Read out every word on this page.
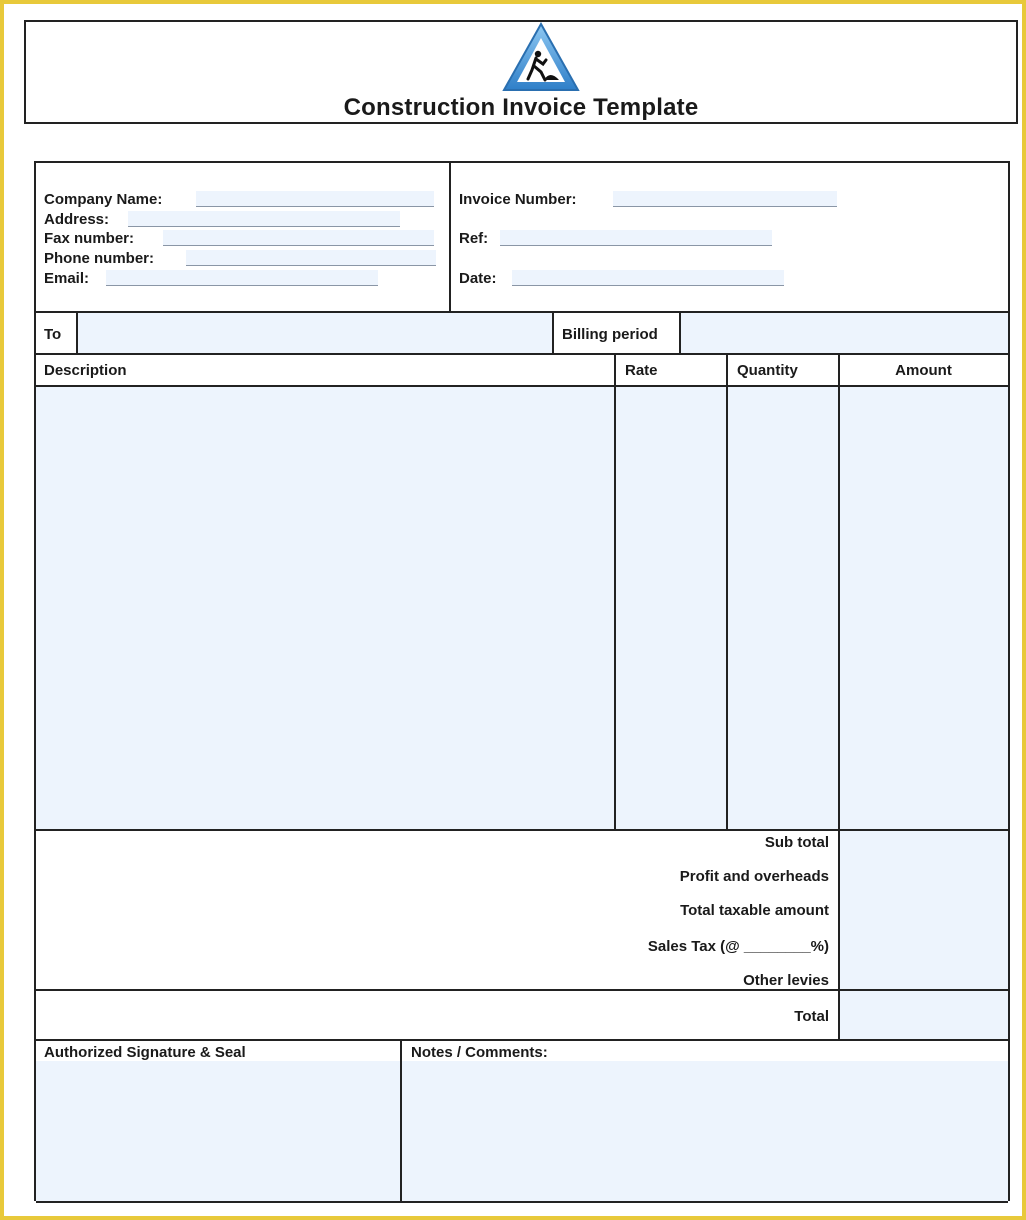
Construction Invoice Template
Company Name:
Address:
Fax number:
Phone number:
Email:
Invoice Number:
Ref:
Date:
To	Billing period
Description	Rate	Quantity	Amount
Sub total
Profit and overheads
Total taxable amount
Sales Tax (@ ________%)
Other levies
Total
Authorized Signature & Seal	Notes / Comments:
